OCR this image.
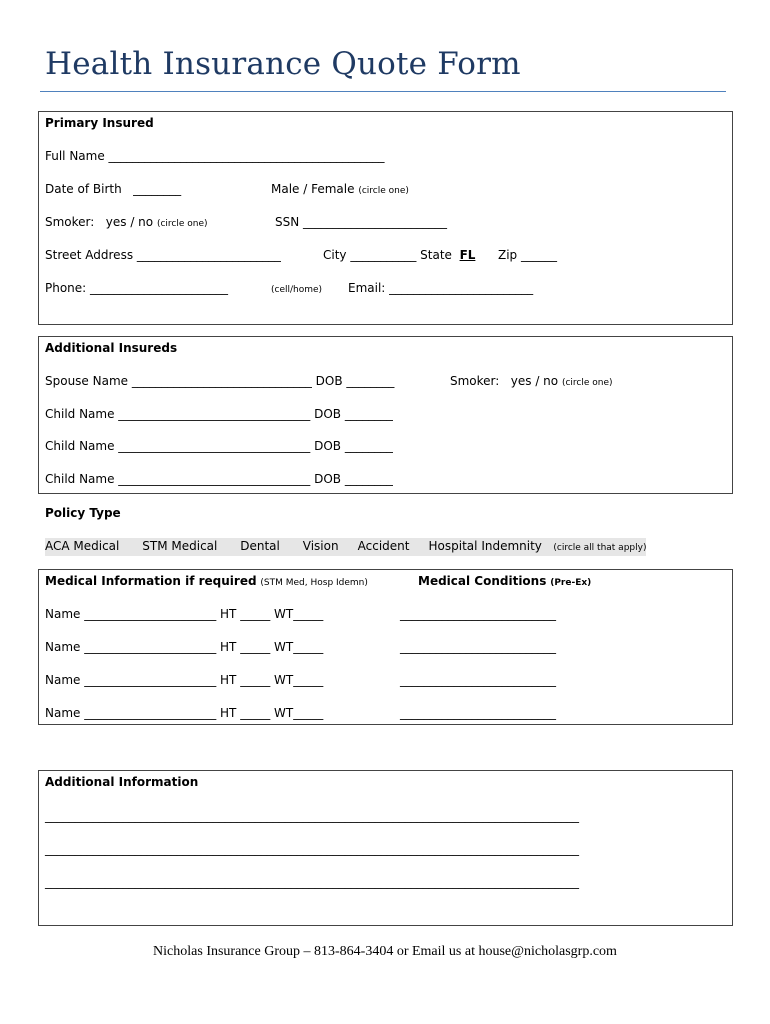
Health Insurance Quote Form
Primary Insured
Full Name ______________________________________________
Date of Birth   ________	Male / Female (circle one)
Smoker:   yes / no (circle one)	SSN ________________________
Street Address ________________________	City ___________ State FL Zip ______
Phone: _______________________	(cell/home) Email: ________________________
Additional Insureds
Spouse Name ______________________________ DOB ________	Smoker:   yes / no (circle one)
Child Name ________________________________ DOB ________
Child Name ________________________________ DOB ________
Child Name ________________________________ DOB ________
Policy Type
ACA Medical      STM Medical      Dental      Vision     Accident     Hospital Indemnity (circle all that apply)
Medical Information if required (STM Med, Hosp Idemn)	Medical Conditions (Pre-Ex)
Name ______________________ HT _____ WT_____	__________________________
Name ______________________ HT _____ WT_____	__________________________
Name ______________________ HT _____ WT_____	__________________________
Name ______________________ HT _____ WT_____	__________________________
Additional Information
_________________________________________________________________________________________
_________________________________________________________________________________________
_________________________________________________________________________________________
Nicholas Insurance Group – 813-864-3404 or Email us at house@nicholasgrp.com
